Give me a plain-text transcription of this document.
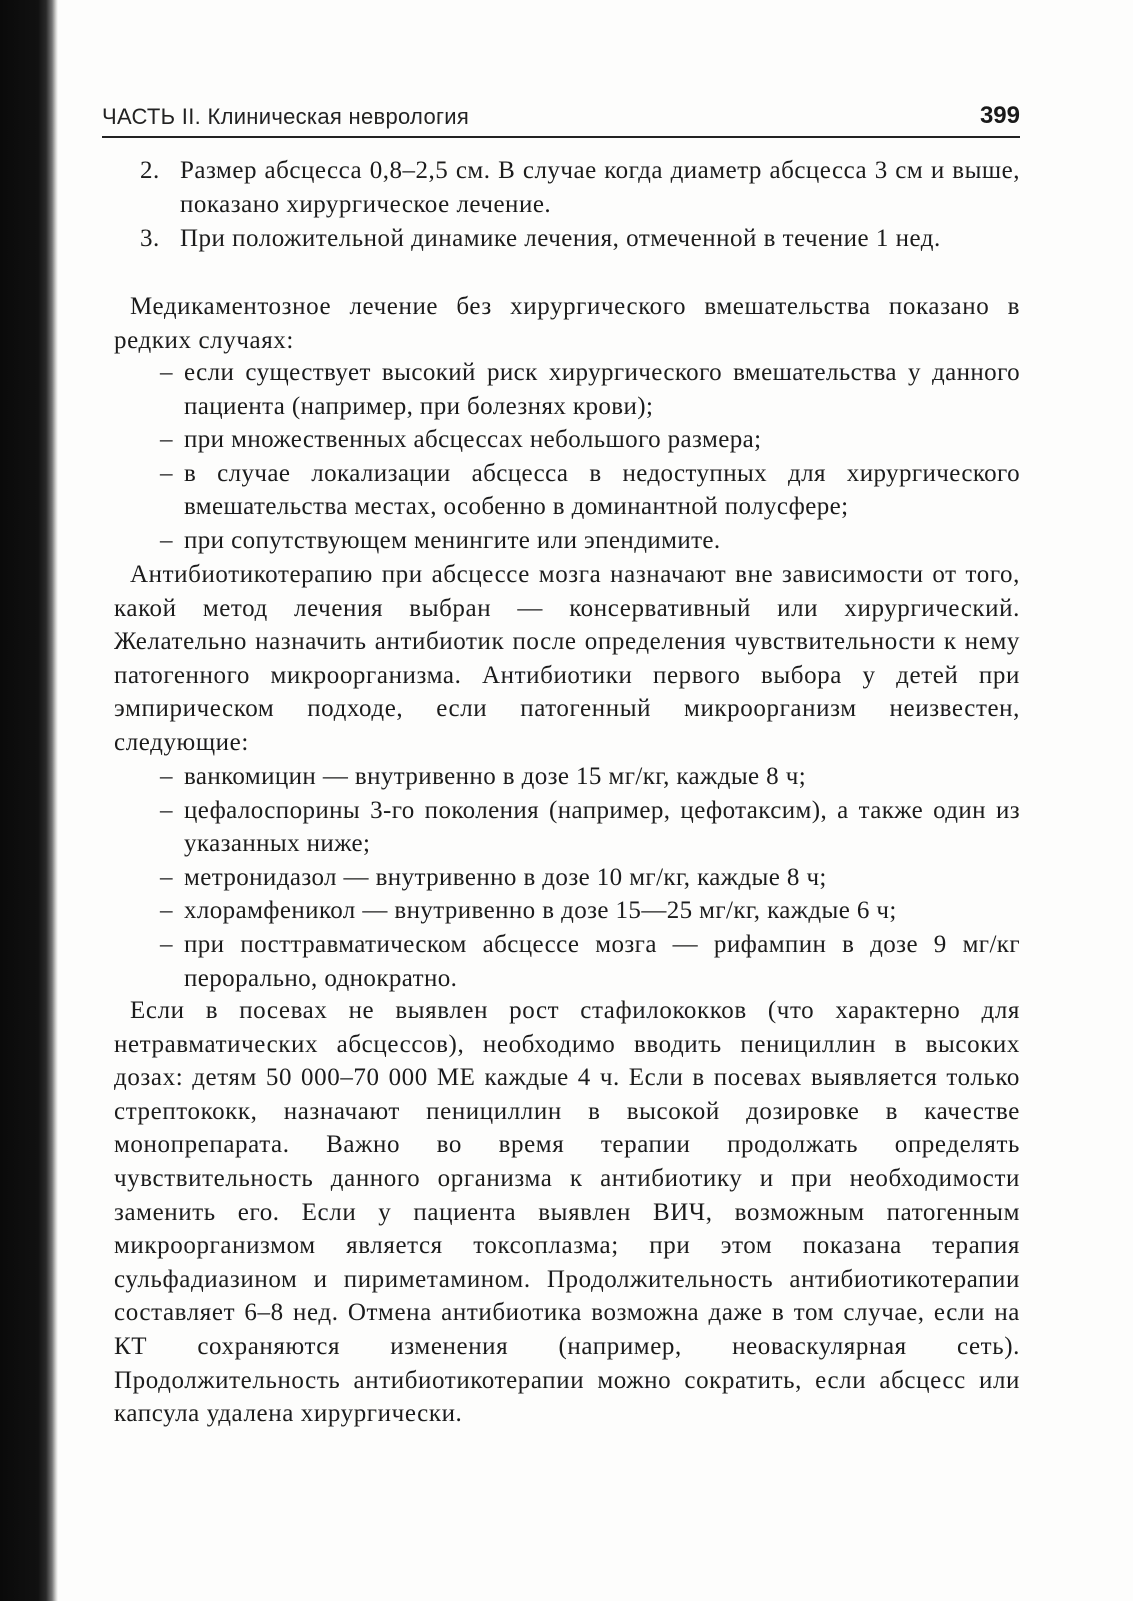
ЧАСТЬ II. Клиническая неврология	399
2. Размер абсцесса 0,8–2,5 см. В случае когда диаметр абсцесса 3 см и выше, показано хирургическое лечение.
3. При положительной динамике лечения, отмеченной в течение 1 нед.

Медикаментозное лечение без хирургического вмешательства показано в редких случаях:

– если существует высокий риск хирургического вмешательства у данного пациента (например, при болезнях крови);
– при множественных абсцессах небольшого размера;
– в случае локализации абсцесса в недоступных для хирургического вмешательства местах, особенно в доминантной полусфере;
– при сопутствующем менингите или эпендимите.

Антибиотикотерапию при абсцессе мозга назначают вне зависимости от того, какой метод лечения выбран — консервативный или хирургический. Желательно назначить антибиотик после определения чувствительности к нему патогенного микроорганизма. Антибиотики первого выбора у детей при эмпирическом подходе, если патогенный микроорганизм неизвестен, следующие:

– ванкомицин — внутривенно в дозе 15 мг/кг, каждые 8 ч;
– цефалоспорины 3-го поколения (например, цефотаксим), а также один из указанных ниже;
– метронидазол — внутривенно в дозе 10 мг/кг, каждые 8 ч;
– хлорамфеникол — внутривенно в дозе 15—25 мг/кг, каждые 6 ч;
– при посттравматическом абсцессе мозга — рифампин в дозе 9 мг/кг перорально, однократно.

Если в посевах не выявлен рост стафилококков (что характерно для нетравматических абсцессов), необходимо вводить пенициллин в высоких дозах: детям 50 000–70 000 МЕ каждые 4 ч. Если в посевах выявляется только стрептококк, назначают пенициллин в высокой дозировке в качестве монопрепарата. Важно во время терапии продолжать определять чувствительность данного организма к антибиотику и при необходимости заменить его. Если у пациента выявлен ВИЧ, возможным патогенным микроорганизмом является токсоплазма; при этом показана терапия сульфадиазином и пириметамином. Продолжительность антибиотикотерапии составляет 6–8 нед. Отмена антибиотика возможна даже в том случае, если на КТ сохраняются изменения (например, неоваскулярная сеть). Продолжительность антибиотикотерапии можно сократить, если абсцесс или капсула удалена хирургически.
